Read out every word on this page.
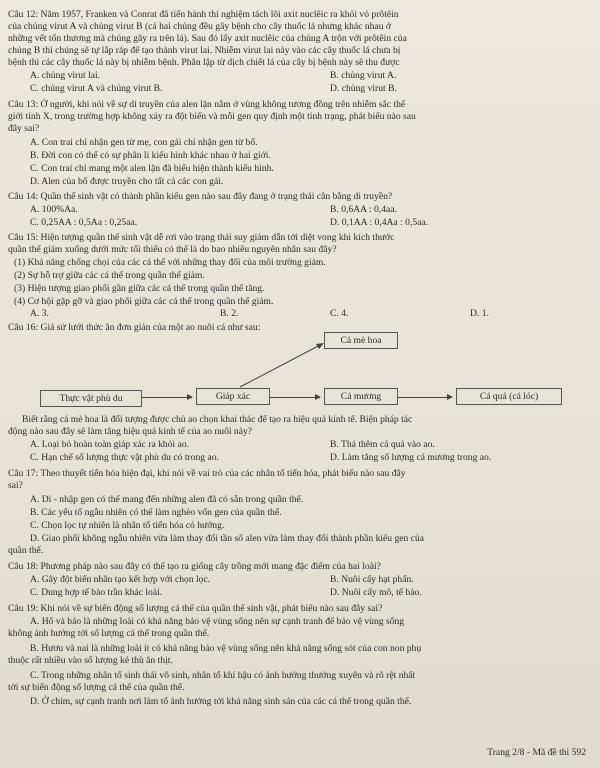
Câu 12: Năm 1957, Franken và Conrat đã tiến hành thí nghiệm tách lõi axit nuclêic ra khỏi vỏ prôtêin
của chủng virut A và chủng virut B (cả hai chủng đều gây bệnh cho cây thuốc lá nhưng khác nhau ở
những vết tổn thương mà chúng gây ra trên lá). Sau đó lấy axit nuclêic của chủng A trộn với prôtêin của
chủng B thì chúng sẽ tự lắp ráp để tạo thành virut lai. Nhiễm virut lai này vào các cây thuốc lá chưa bị
bệnh thì các cây thuốc lá này bị nhiễm bệnh. Phân lập từ dịch chiết lá của cây bị bệnh này sẽ thu được
A. chủng virut lai.	B. chủng virut A.
C. chủng virut A và chủng virut B.	D. chủng virut B.
Câu 13: Ở người, khi nói về sự di truyền của alen lặn nằm ở vùng không tương đồng trên nhiễm sắc thể
giới tính X, trong trường hợp không xảy ra đột biến và mỗi gen quy định một tính trạng, phát biểu nào sau
đây sai?
A. Con trai chỉ nhận gen từ mẹ, con gái chỉ nhận gen từ bố.
B. Đời con có thể có sự phân li kiểu hình khác nhau ở hai giới.
C. Con trai chỉ mang một alen lặn đã biểu hiện thành kiểu hình.
D. Alen của bố được truyền cho tất cả các con gái.
Câu 14: Quần thể sinh vật có thành phần kiểu gen nào sau đây đang ở trạng thái cân bằng di truyền?
A. 100%Aa.	B. 0,6AA : 0,4aa.
C. 0,25AA : 0,5Aa : 0,25aa.	D. 0,1AA : 0,4Aa : 0,5aa.
Câu 15: Hiện tượng quần thể sinh vật dễ rơi vào trạng thái suy giảm dẫn tới diệt vong khi kích thước
quần thể giảm xuống dưới mức tối thiểu có thể là do bao nhiêu nguyên nhân sau đây?
(1) Khả năng chống chọi của các cá thể với những thay đổi của môi trường giảm.
(2) Sự hỗ trợ giữa các cá thể trong quần thể giảm.
(3) Hiện tượng giao phối gần giữa các cá thể trong quần thể tăng.
(4) Cơ hội gặp gỡ và giao phối giữa các cá thể trong quần thể giảm.
A. 3.	B. 2.	C. 4.	D. 1.
Câu 16: Giả sử lưới thức ăn đơn giản của một ao nuôi cá như sau:
Cá mè hoa
Thực vật phù du	Giáp xác	Cá mương	Cá quả (cá lóc)
Biết rằng cá mè hoa là đối tượng được chủ ao chọn khai thác để tạo ra hiệu quả kinh tế. Biện pháp tác
động nào sau đây sẽ làm tăng hiệu quả kinh tế của ao nuôi này?
A. Loại bỏ hoàn toàn giáp xác ra khỏi ao.	B. Thả thêm cá quả vào ao.
C. Hạn chế số lượng thực vật phù du có trong ao.	D. Làm tăng số lượng cá mương trong ao.
Câu 17: Theo thuyết tiến hóa hiện đại, khi nói về vai trò của các nhân tố tiến hóa, phát biểu nào sau đây
sai?
A. Di - nhập gen có thể mang đến những alen đã có sẵn trong quần thể.
B. Các yếu tố ngẫu nhiên có thể làm nghèo vốn gen của quần thể.
C. Chọn lọc tự nhiên là nhân tố tiến hóa có hướng.
D. Giao phối không ngẫu nhiên vừa làm thay đổi tần số alen vừa làm thay đổi thành phần kiểu gen của
quần thể.
Câu 18: Phương pháp nào sau đây có thể tạo ra giống cây trồng mới mang đặc điểm của hai loài?
A. Gây đột biến nhân tạo kết hợp với chọn lọc.	B. Nuôi cấy hạt phấn.
C. Dung hợp tế bào trần khác loài.	D. Nuôi cấy mô, tế bào.
Câu 19: Khi nói về sự biến động số lượng cá thể của quần thể sinh vật, phát biểu nào sau đây sai?
A. Hổ và báo là những loài có khả năng bảo vệ vùng sống nên sự cạnh tranh để bảo vệ vùng sống
không ảnh hưởng tới số lượng cá thể trong quần thể.
B. Hươu và nai là những loài ít có khả năng bảo vệ vùng sống nên khả năng sống sót của con non phụ
thuộc rất nhiều vào số lượng kẻ thù ăn thịt.
C. Trong những nhân tố sinh thái vô sinh, nhân tố khí hậu có ảnh hưởng thường xuyên và rõ rệt nhất
tới sự biến động số lượng cá thể của quần thể.
D. Ở chim, sự cạnh tranh nơi làm tổ ảnh hưởng tới khả năng sinh sản của các cá thể trong quần thể.
Trang 2/8 - Mã đề thi 592
